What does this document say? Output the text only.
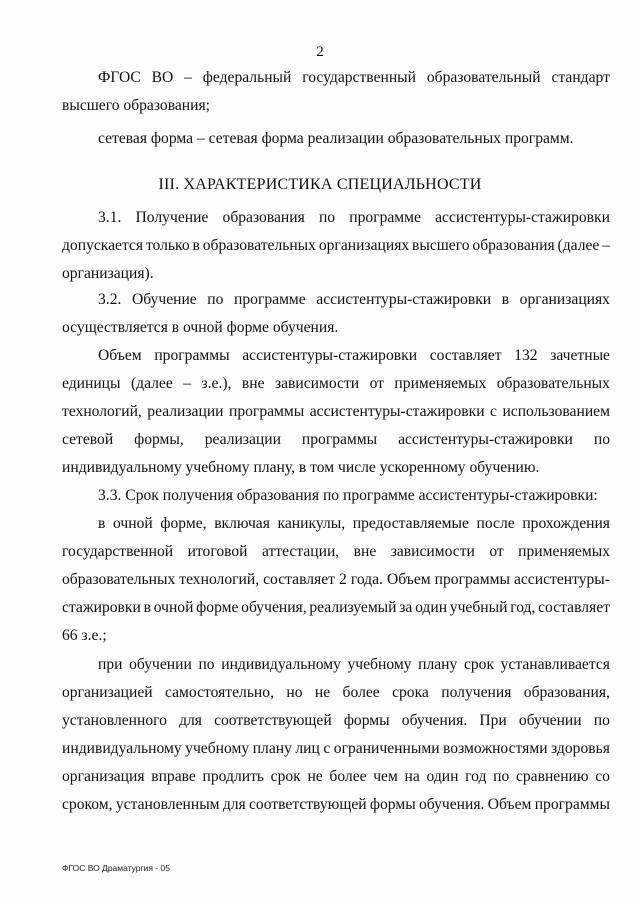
2
ФГОС ВО – федеральный государственный образовательный стандарт
высшего образования;
сетевая форма – сетевая форма реализации образовательных программ.
III. ХАРАКТЕРИСТИКА СПЕЦИАЛЬНОСТИ
3.1. Получение образования по программе ассистентуры-стажировки
допускается только в образовательных организациях высшего образования (далее –
организация).
3.2. Обучение по программе ассистентуры-стажировки в организациях
осуществляется в очной форме обучения.
Объем программы ассистентуры-стажировки составляет 132 зачетные
единицы (далее – з.е.), вне зависимости от применяемых образовательных
технологий, реализации программы ассистентуры-стажировки с использованием
сетевой формы, реализации программы ассистентуры-стажировки по
индивидуальному учебному плану, в том числе ускоренному обучению.
3.3. Срок получения образования по программе ассистентуры-стажировки:
в очной форме, включая каникулы, предоставляемые после прохождения
государственной итоговой аттестации, вне зависимости от применяемых
образовательных технологий, составляет 2 года. Объем программы ассистентуры-
стажировки в очной форме обучения, реализуемый за один учебный год, составляет
66 з.е.;
при обучении по индивидуальному учебному плану срок устанавливается
организацией самостоятельно, но не более срока получения образования,
установленного для соответствующей формы обучения. При обучении по
индивидуальному учебному плану лиц с ограниченными возможностями здоровья
организация вправе продлить срок не более чем на один год по сравнению со
сроком, установленным для соответствующей формы обучения. Объем программы
ФГОС ВО Драматургия - 05
